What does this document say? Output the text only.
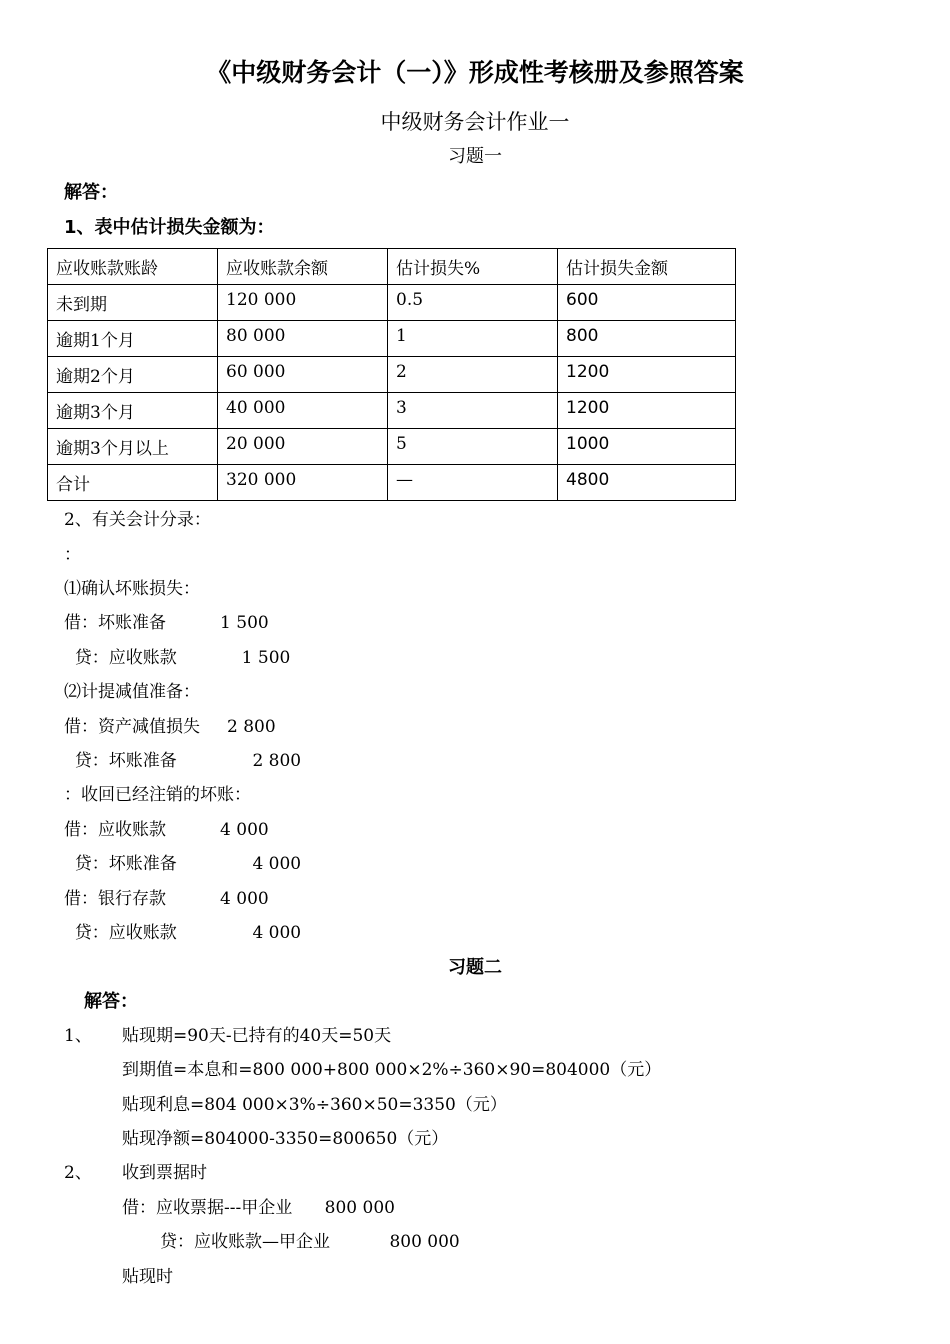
《中级财务会计（一）》形成性考核册及参照答案
中级财务会计作业一
习题一
解答：
1、表中估计损失金额为：
应收账款账龄	应收账款余额	估计损失%	估计损失金额
未到期	120 000	0.5	600
逾期1个月	80 000	1	800
逾期2个月	60 000	2	1200
逾期3个月	40 000	3	1200
逾期3个月以上	20 000	5	1000
合计	320 000	—	4800
2、有关会计分录：
：
⑴确认坏账损失：
借：坏账准备          1 500
贷：应收账款            1 500
⑵计提减值准备：
借：资产减值损失     2 800
贷：坏账准备              2 800
：收回已经注销的坏账：
借：应收账款          4 000
贷：坏账准备              4 000
借：银行存款          4 000
贷：应收账款              4 000
习题二
解答：
1、 贴现期=90天-已持有的40天=50天
到期值=本息和=800 000+800 000×2%÷360×90=804000（元）
贴现利息=804 000×3%÷360×50=3350（元）
贴现净额=804000-3350=800650（元）
2、 收到票据时
借：应收票据---甲企业      800 000
贷：应收账款—甲企业           800 000
贴现时
